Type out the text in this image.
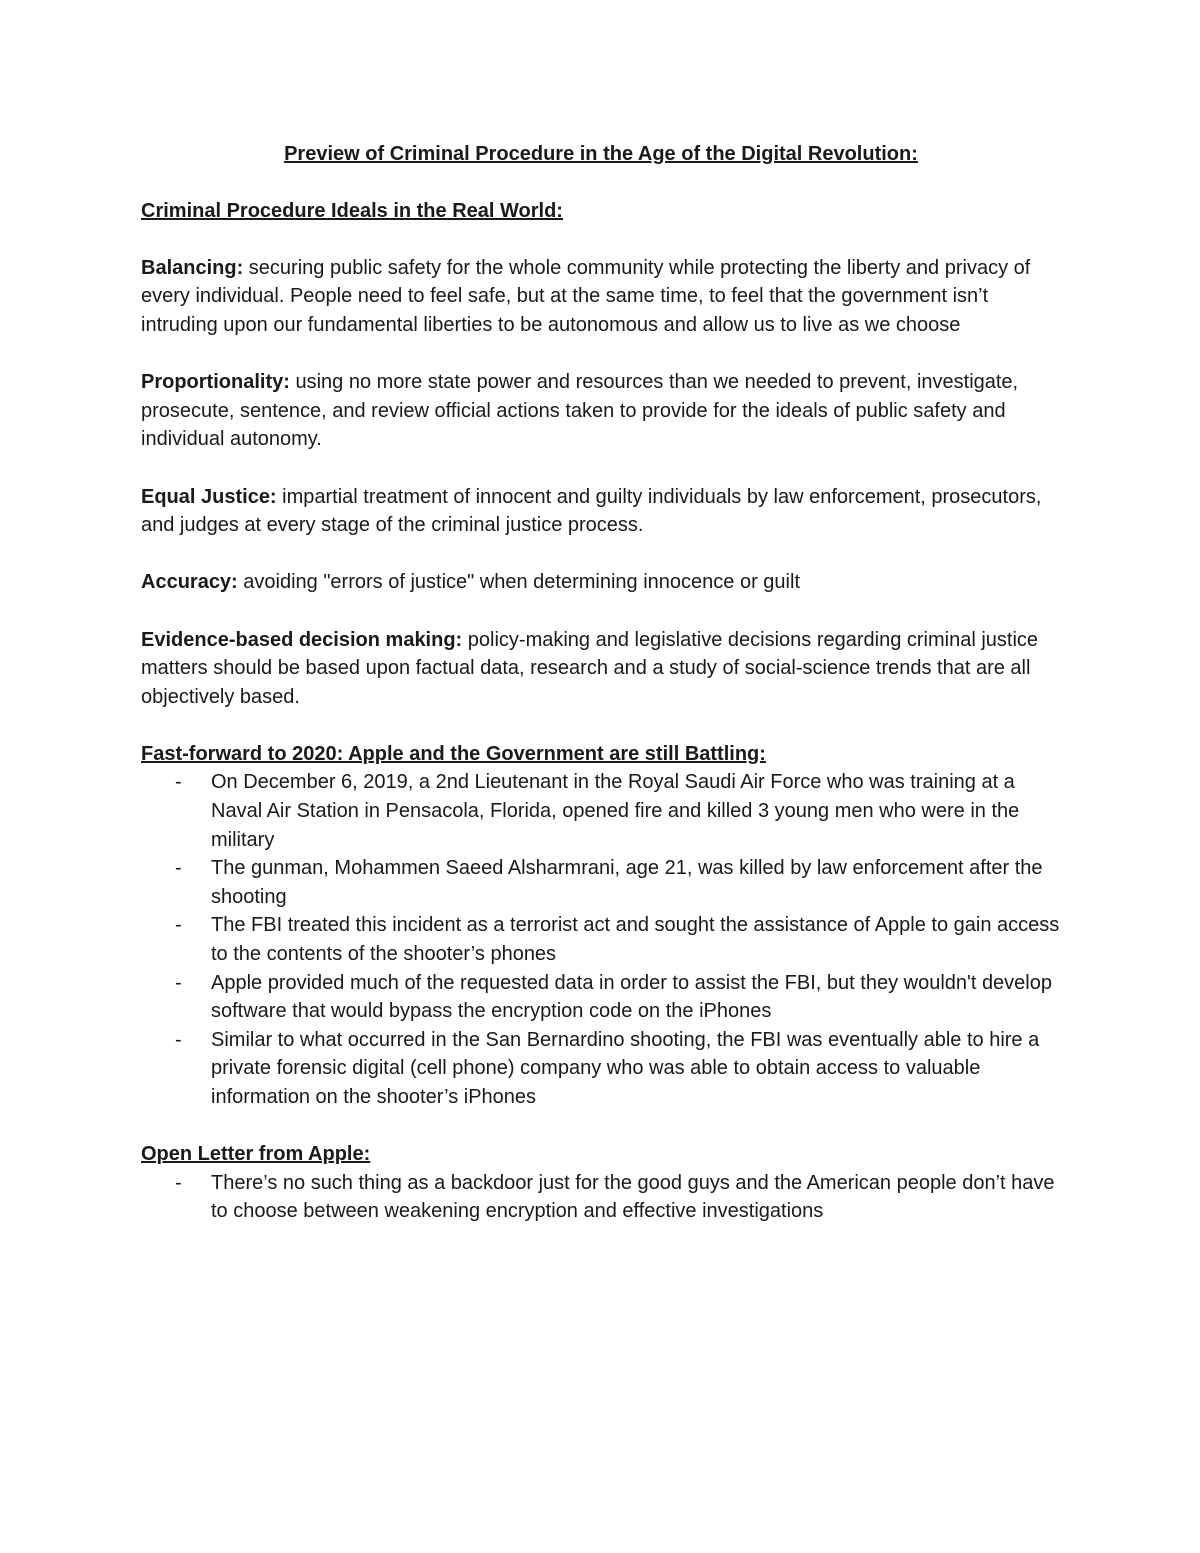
Preview of Criminal Procedure in the Age of the Digital Revolution:

Criminal Procedure Ideals in the Real World:

Balancing: securing public safety for the whole community while protecting the liberty and privacy of every individual. People need to feel safe, but at the same time, to feel that the government isn’t intruding upon our fundamental liberties to be autonomous and allow us to live as we choose

Proportionality: using no more state power and resources than we needed to prevent, investigate, prosecute, sentence, and review official actions taken to provide for the ideals of public safety and individual autonomy.

Equal Justice: impartial treatment of innocent and guilty individuals by law enforcement, prosecutors, and judges at every stage of the criminal justice process.

Accuracy: avoiding "errors of justice" when determining innocence or guilt

Evidence-based decision making: policy-making and legislative decisions regarding criminal justice matters should be based upon factual data, research and a study of social-science trends that are all objectively based.

Fast-forward to 2020: Apple and the Government are still Battling:

- On December 6, 2019, a 2nd Lieutenant in the Royal Saudi Air Force who was training at a Naval Air Station in Pensacola, Florida, opened fire and killed 3 young men who were in the military
- The gunman, Mohammen Saeed Alsharmrani, age 21, was killed by law enforcement after the shooting
- The FBI treated this incident as a terrorist act and sought the assistance of Apple to gain access to the contents of the shooter’s phones
- Apple provided much of the requested data in order to assist the FBI, but they wouldn't develop software that would bypass the encryption code on the iPhones
- Similar to what occurred in the San Bernardino shooting, the FBI was eventually able to hire a private forensic digital (cell phone) company who was able to obtain access to valuable information on the shooter’s iPhones

Open Letter from Apple:

- There’s no such thing as a backdoor just for the good guys and the American people don’t have to choose between weakening encryption and effective investigations
